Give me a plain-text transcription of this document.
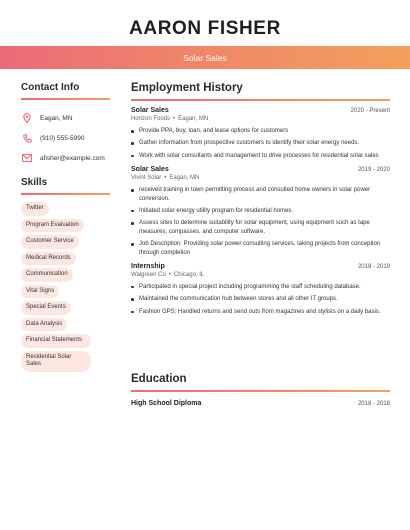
AARON FISHER
Solar Sales
Contact Info
Eagan, MN
(910) 555-5990
afisher@example.com
Skills
Twitter
Program Evaluation
Customer Service
Medical Records
Communication
Vital Signs
Special Events
Data Analysis
Financial Statements
Residential Solar Sales
Employment History
Solar Sales	2020 - Present
Horizon Foods • Eagan, MN
Provide PPA, buy, loan, and lease options for customers
Gather information from prospective customers to identify their solar energy needs.
Work with solar consultants and management to drive processes for residential solar sales
Solar Sales	2019 - 2020
Vivint Solar • Eagan, MN
received training in town permitting process and consulted home owners in solar power conversion.
Initiated solar energy utility program for residential homes.
Assess sites to determine suitability for solar equipment, using equipment such as tape measures, compasses, and computer software.
Job Description: Providing solar power consulting services, taking projects from conception through completion
Internship	2018 - 2019
Walgreen Co • Chicago, IL
Participated in special project including programming the staff scheduling database.
Maintained the communication hub between stores and all other IT groups.
Fashion GPS: Handled returns and send outs from magazines and stylists on a daily basis.
Education
High School Diploma	2018 - 2018
